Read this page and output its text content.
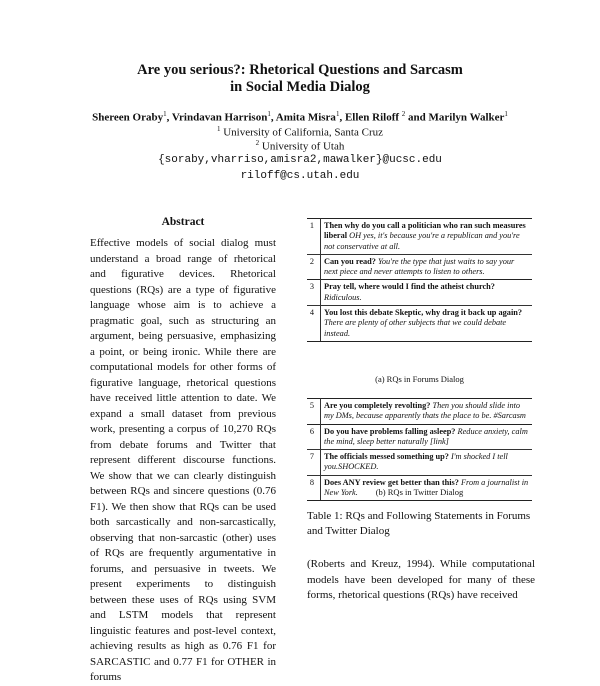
Are you serious?: Rhetorical Questions and Sarcasm
in Social Media Dialog
Shereen Oraby$^1$, Vrindavan Harrison$^1$, Amita Misra$^1$, Ellen Riloff $^2$ and Marilyn Walker$^1$
$^1$ University of California, Santa Cruz
$^2$ University of Utah
{soraby,vharriso,amisra2,mawalker}@ucsc.edu
riloff@cs.utah.edu
Abstract

Effective models of social dialog must understand a broad range of rhetorical and figurative devices. Rhetorical questions (RQs) are a type of figurative language whose aim is to achieve a pragmatic goal, such as structuring an argument, being persuasive, emphasizing a point, or being ironic. While there are computational models for other forms of figurative language, rhetorical questions have received little attention to date. We expand a small dataset from previous work, presenting a corpus of 10,270 RQs from debate forums and Twitter that represent different discourse functions. We show that we can clearly distinguish between RQs and sincere questions (0.76 F1). We then show that RQs can be used both sarcastically and non-sarcastically, observing that non-sarcastic (other) uses of RQs are frequently argumentative in forums, and persuasive in tweets. We present experiments to distinguish between these uses of RQs using SVM and LSTM models that represent linguistic features and post-level context, achieving results as high as 0.76 F1 for SARCASTIC and 0.77 F1 for OTHER in forums

1	Then why do you call a politician who ran such measures liberal OH yes, it's because you're a republican and you're not conservative at all.
2	Can you read? You're the type that just waits to say your next piece and never attempts to listen to others.
3	Pray tell, where would I find the atheist church? Ridiculous.
4	You lost this debate Skeptic, why drag it back up again? There are plenty of other subjects that we could debate instead.
(a) RQs in Forums Dialog
5	Are you completely revolting? Then you should slide into my DMs, because apparently thats the place to be. #Sarcasm
6	Do you have problems falling asleep? Reduce anxiety, calm the mind, sleep better naturally [link]
7	The officials messed something up? I'm shocked I tell you.SHOCKED.
8	Does ANY review get better than this? From a journalist in New York.	(b) RQs in Twitter Dialog

Table 1: RQs and Following Statements in Forums and Twitter Dialog

(Roberts and Kreuz, 1994). While computational models have been developed for many of these forms, rhetorical questions (RQs) have received
